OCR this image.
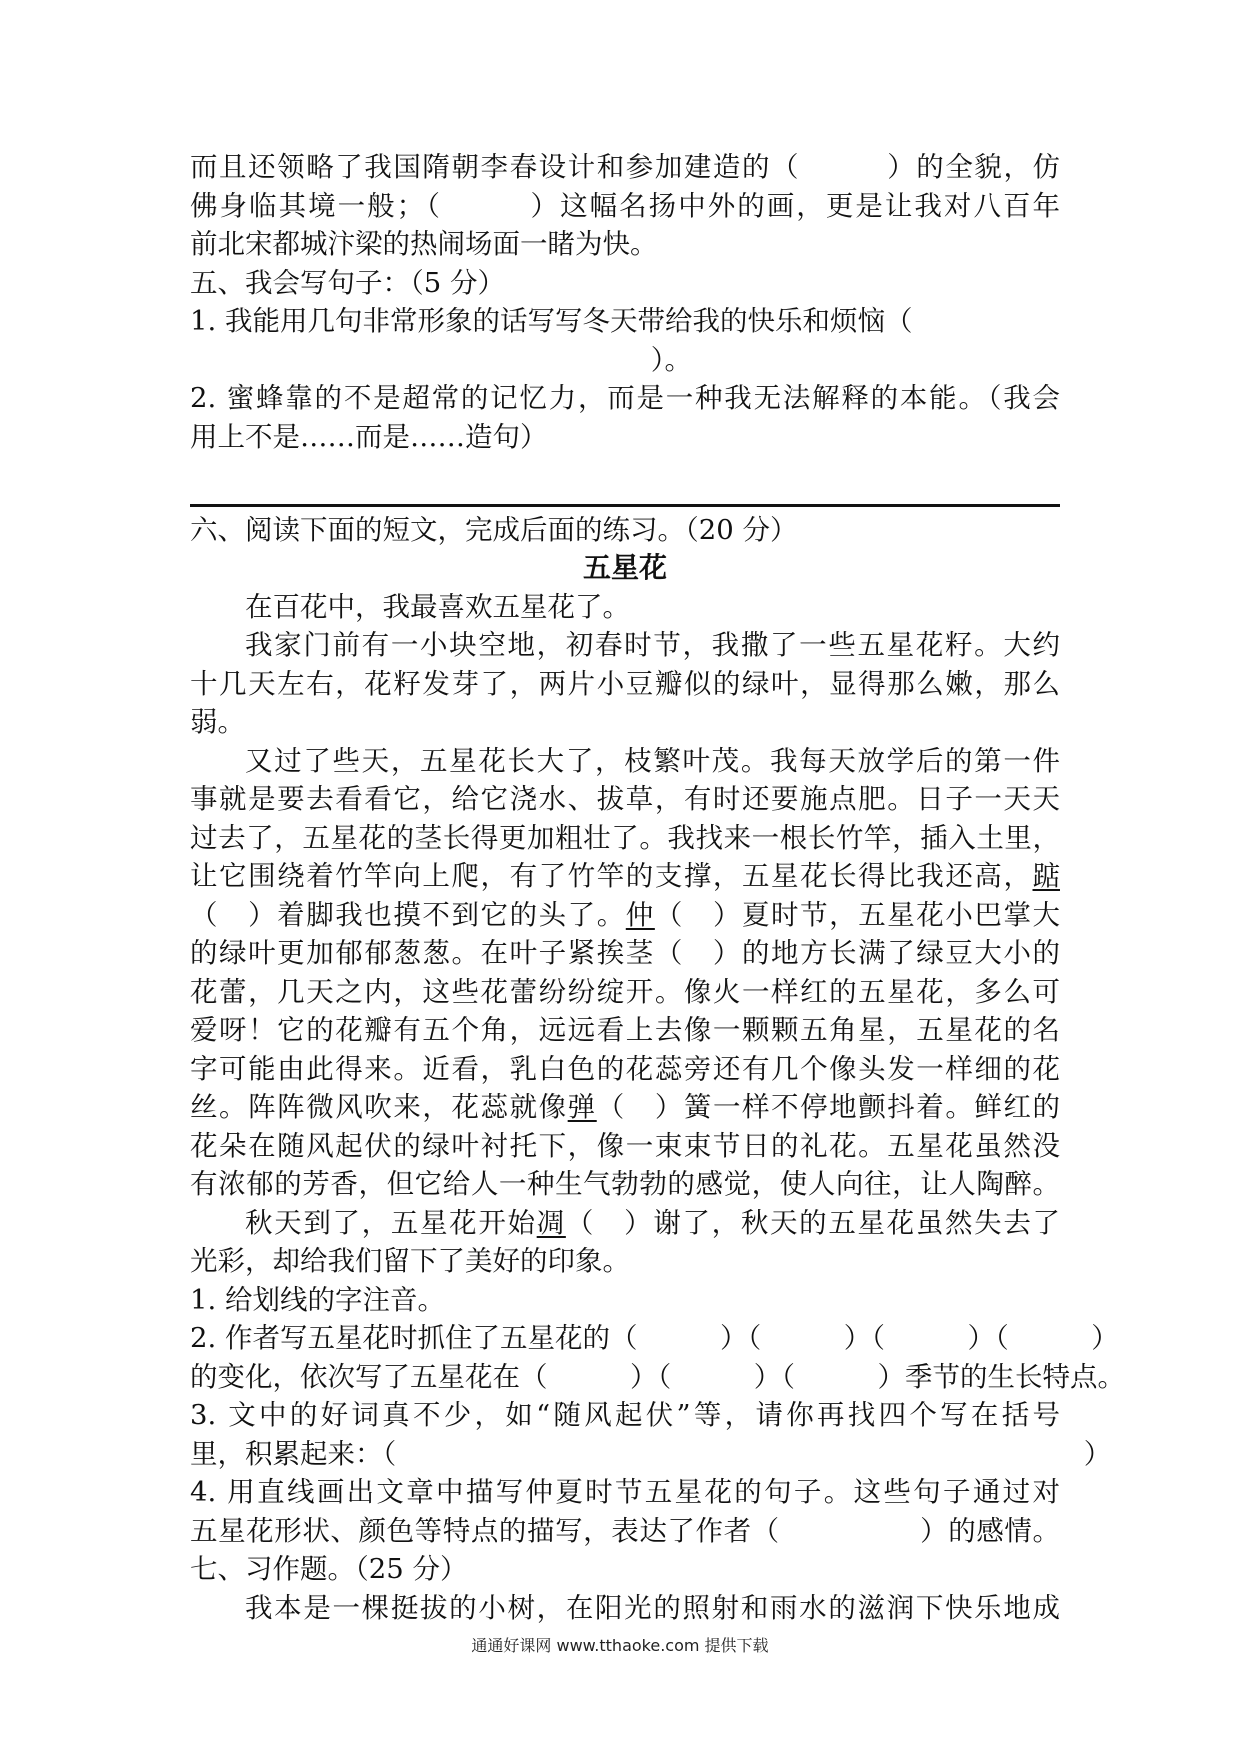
而且还领略了我国隋朝李春设计和参加建造的（　　　）的全貌，仿
佛身临其境一般；（　　　）这幅名扬中外的画，更是让我对八百年
前北宋都城汴梁的热闹场面一睹为快。
五、我会写句子：（5 分）
1. 我能用几句非常形象的话写写冬天带给我的快乐和烦恼（
）。
2. 蜜蜂靠的不是超常的记忆力，而是一种我无法解释的本能。（我会
用上不是……而是……造句）
六、阅读下面的短文，完成后面的练习。（20 分）
五星花
在百花中，我最喜欢五星花了。
我家门前有一小块空地，初春时节，我撒了一些五星花籽。大约
十几天左右，花籽发芽了，两片小豆瓣似的绿叶，显得那么嫩，那么
弱。
又过了些天，五星花长大了，枝繁叶茂。我每天放学后的第一件
事就是要去看看它，给它浇水、拔草，有时还要施点肥。日子一天天
过去了，五星花的茎长得更加粗壮了。我找来一根长竹竿，插入土里，
让它围绕着竹竿向上爬，有了竹竿的支撑，五星花长得比我还高，踮
（　）着脚我也摸不到它的头了。仲（　）夏时节，五星花小巴掌大
的绿叶更加郁郁葱葱。在叶子紧挨茎（　）的地方长满了绿豆大小的
花蕾，几天之内，这些花蕾纷纷绽开。像火一样红的五星花，多么可
爱呀！它的花瓣有五个角，远远看上去像一颗颗五角星，五星花的名
字可能由此得来。近看，乳白色的花蕊旁还有几个像头发一样细的花
丝。阵阵微风吹来，花蕊就像弹（　）簧一样不停地颤抖着。鲜红的
花朵在随风起伏的绿叶衬托下，像一束束节日的礼花。五星花虽然没
有浓郁的芳香，但它给人一种生气勃勃的感觉，使人向往，让人陶醉。
秋天到了，五星花开始凋（　）谢了，秋天的五星花虽然失去了
光彩，却给我们留下了美好的印象。
1. 给划线的字注音。
2. 作者写五星花时抓住了五星花的（　　　）（　　　）（　　　）（　　　）
的变化，依次写了五星花在（　　　）（　　　）（　　　）季节的生长特点。
3. 文中的好词真不少，如“随风起伏”等，请你再找四个写在括号
里，积累起来：（　　　　　　　　　　　　　　　　　　　　　　　　　）
4. 用直线画出文章中描写仲夏时节五星花的句子。这些句子通过对
五星花形状、颜色等特点的描写，表达了作者（　　　　　）的感情。
七、习作题。（25 分）
我本是一棵挺拔的小树，在阳光的照射和雨水的滋润下快乐地成
通通好课网 www.tthaoke.com 提供下载
